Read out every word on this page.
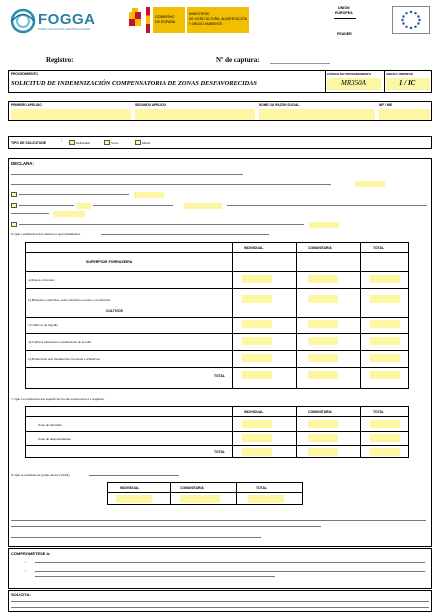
FOGGA
FONDO GALLEGO DE GARANTÍA AGRARIA
GOBIERNO
DE ESPAÑA
MINISTERIO
DE AGRICULTURA, ALIMENTACIÓN
Y MEDIO AMBIENTE
UNIÓN
EUROPEA
FEADER
Registro:	Nº de captura:
PROCEDIMIENTO
SOLICITUD DE INDEMNIZACIÓN COMPENSATORIA DE ZONAS DESFAVORECIDAS
CÓDIGO DO PROCEDEMENTO
MR350A
ANEXO / IMPRESO
1 / IC
PRIMEIRO APELIDO	SEGUNDO APELIDO	NOME OU RAZÓN SOCIAL	NIF / NIE
TIPO DE SOLICITUDE	:	Individual	Socio	Mixta
DECLARA:
6. Que a utilización dos cultivos e aproveitamentos
INDIVIDUAL	COMUNITARIA	TOTAL
SUPERFICIE FORRAXEIRA
a) Pastos e forraxes
b) Barbeitos, rastrollos, pasto arbustivo e pasto con arborado
CULTIVOS
c) Cultivos de regadío
d) Cultivos extensivos e plantacións de secaño
e) Plantacións non madeireiras, forestais e arbustivas
TOTAL
7. Que a localización das superficies da súa explotación é a seguinte:
INDIVIDUAL	COMUNITARIA	TOTAL
Zona de montaña
Zona de despoboamento
TOTAL
8. Que as unidades de gando maior (UGM)
INDIVIDUAL	COMUNITARIA	TOTAL
COMPROMÉTESE A:
•
•
SOLICITA:
